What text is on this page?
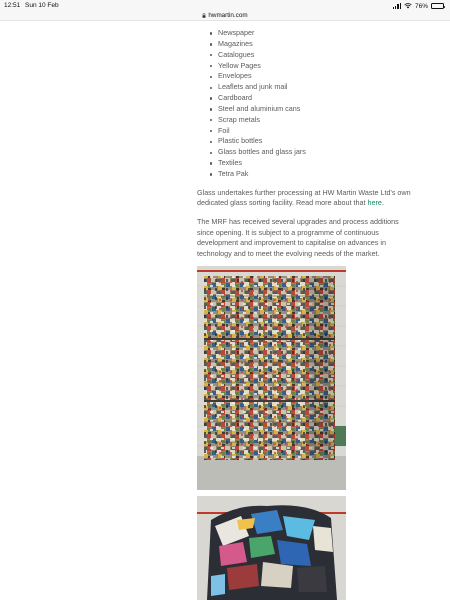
12:51 Sun 10 Feb	76%
hwmartin.com
Newspaper
Magazines
Catalogues
Yellow Pages
Envelopes
Leaflets and junk mail
Cardboard
Steel and aluminium cans
Scrap metals
Foil
Plastic bottles
Glass bottles and glass jars
Textiles
Tetra Pak

Glass undertakes further processing at HW Martin Waste Ltd's own dedicated glass sorting facility. Read more about that here.

The MRF has received several upgrades and process additions since opening. It is subject to a programme of continuous development and improvement to capitalise on advances in technology and to meet the evolving needs of the market.
